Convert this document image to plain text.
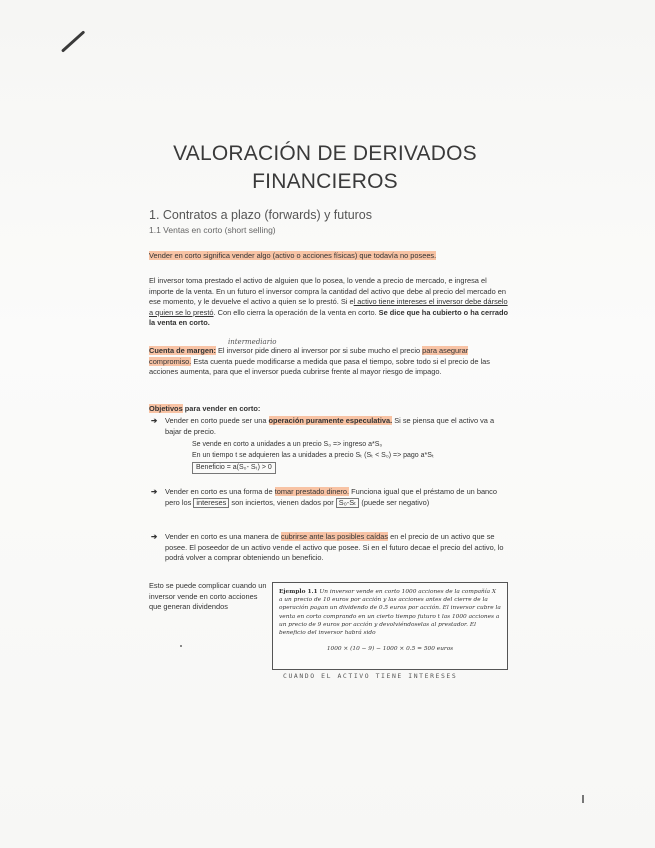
VALORACIÓN DE DERIVADOS
FINANCIEROS
1. Contratos a plazo (forwards) y futuros
1.1 Ventas en corto (short selling)
Vender en corto significa vender algo (activo o acciones físicas) que todavía no posees.
El inversor toma prestado el activo de alguien que lo posea, lo vende a precio de mercado, e ingresa el importe de la venta. En un futuro el inversor compra la cantidad del activo que debe al precio del mercado en ese momento, y le devuelve el activo a quien se lo prestó. Si el activo tiene intereses el inversor debe dárselo a quien se lo prestó. Con ello cierra la operación de la venta en corto. Se dice que ha cubierto o ha cerrado la venta en corto.
intermediario
Cuenta de margen: El inversor pide dinero al inversor por si sube mucho el precio para asegurar compromiso. Esta cuenta puede modificarse a medida que pasa el tiempo, sobre todo si el precio de las acciones aumenta, para que el inversor pueda cubrirse frente al mayor riesgo de impago.
Objetivos para vender en corto:
➔ Vender en corto puede ser una operación puramente especulativa. Si se piensa que el activo va a bajar de precio.
Se vende en corto a unidades a un precio S₀ => ingreso a*S₀
En un tiempo t se adquieren las a unidades a precio Sₜ (Sₜ < S₀) => pago a*Sₜ
Beneficio = a(S₀- Sₜ) > 0
➔ Vender en corto es una forma de tomar prestado dinero. Funciona igual que el préstamo de un banco pero los intereses son inciertos, vienen dados por S₀-Sₜ (puede ser negativo)
➔ Vender en corto es una manera de cubrirse ante las posibles caídas en el precio de un activo que se posee. El poseedor de un activo vende el activo que posee. Si en el futuro decae el precio del activo, lo podrá volver a comprar obteniendo un beneficio.
Esto se puede complicar cuando un inversor vende en corto acciones que generan dividendos
Ejemplo 1.1 Un inversor vende en corto 1000 acciones de la compañía X a un precio de 10 euros por acción y las acciones antes del cierre de la operación pagan un dividendo de 0.5 euros por acción. El inversor cubre la venta en corto comprando en un cierto tiempo futuro t las 1000 acciones a un precio de 9 euros por acción y devolviéndoselas al prestador. El beneficio del inversor habrá sido
1000 × (10 − 9) − 1000 × 0.5 = 500 euros
CUANDO EL ACTIVO TIENE INTERESES
